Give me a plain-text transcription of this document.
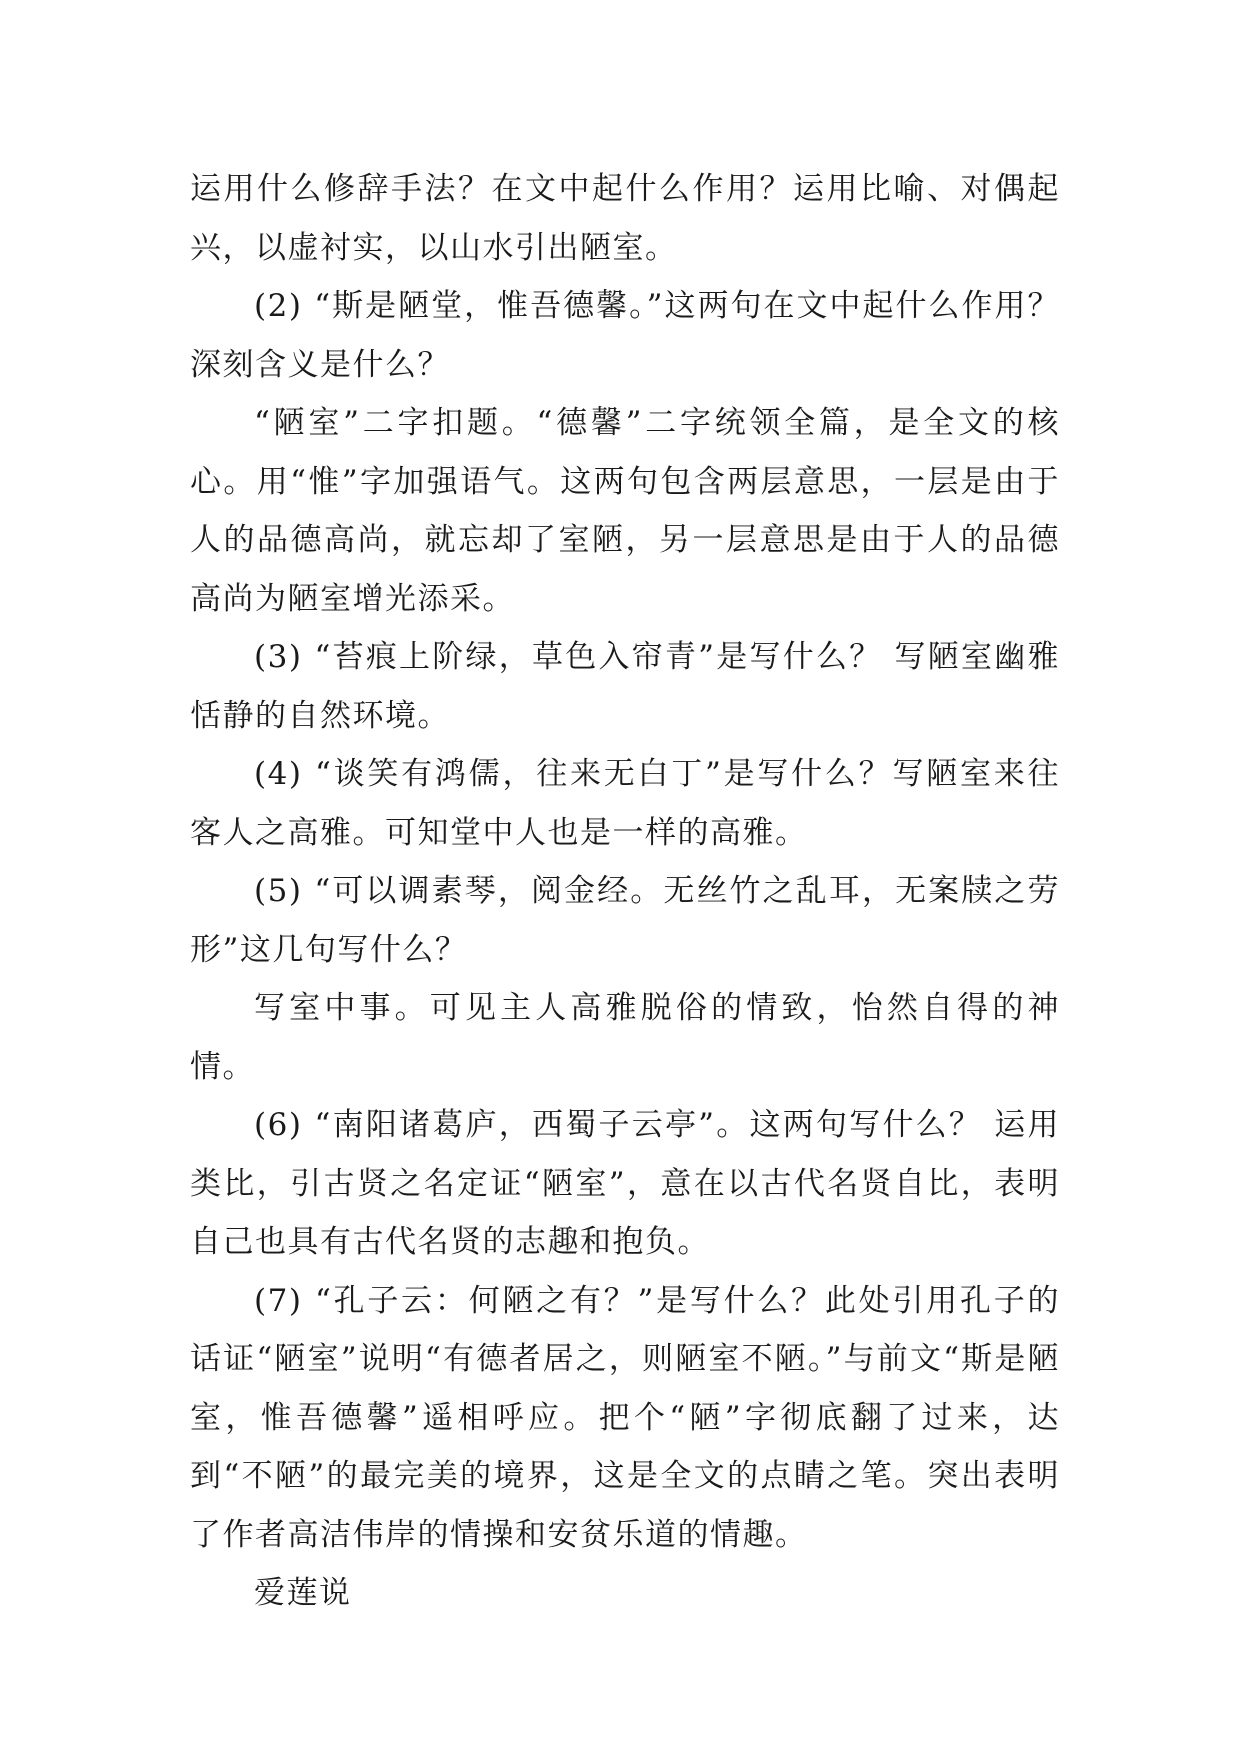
运用什么修辞手法？在文中起什么作用？运用比喻、对偶起兴，以虚衬实，以山水引出陋室。

(2) “斯是陋堂，惟吾德馨。”这两句在文中起什么作用？深刻含义是什么？

“陋室”二字扣题。“德馨”二字统领全篇，是全文的核心。用“惟”字加强语气。这两句包含两层意思，一层是由于人的品德高尚，就忘却了室陋，另一层意思是由于人的品德高尚为陋室增光添采。

(3) “苔痕上阶绿，草色入帘青”是写什么？ 写陋室幽雅恬静的自然环境。

(4) “谈笑有鸿儒，往来无白丁”是写什么？写陋室来往客人之高雅。可知堂中人也是一样的高雅。

(5) “可以调素琴，阅金经。无丝竹之乱耳，无案牍之劳形”这几句写什么？

写室中事。可见主人高雅脱俗的情致，怡然自得的神情。

(6) “南阳诸葛庐，西蜀子云亭”。这两句写什么？ 运用类比，引古贤之名定证“陋室”，意在以古代名贤自比，表明自己也具有古代名贤的志趣和抱负。

(7) “孔子云：何陋之有？”是写什么？此处引用孔子的话证“陋室”说明“有德者居之，则陋室不陋。”与前文“斯是陋室，惟吾德馨”遥相呼应。把个“陋”字彻底翻了过来，达到“不陋”的最完美的境界，这是全文的点睛之笔。突出表明了作者高洁伟岸的情操和安贫乐道的情趣。

爱莲说
